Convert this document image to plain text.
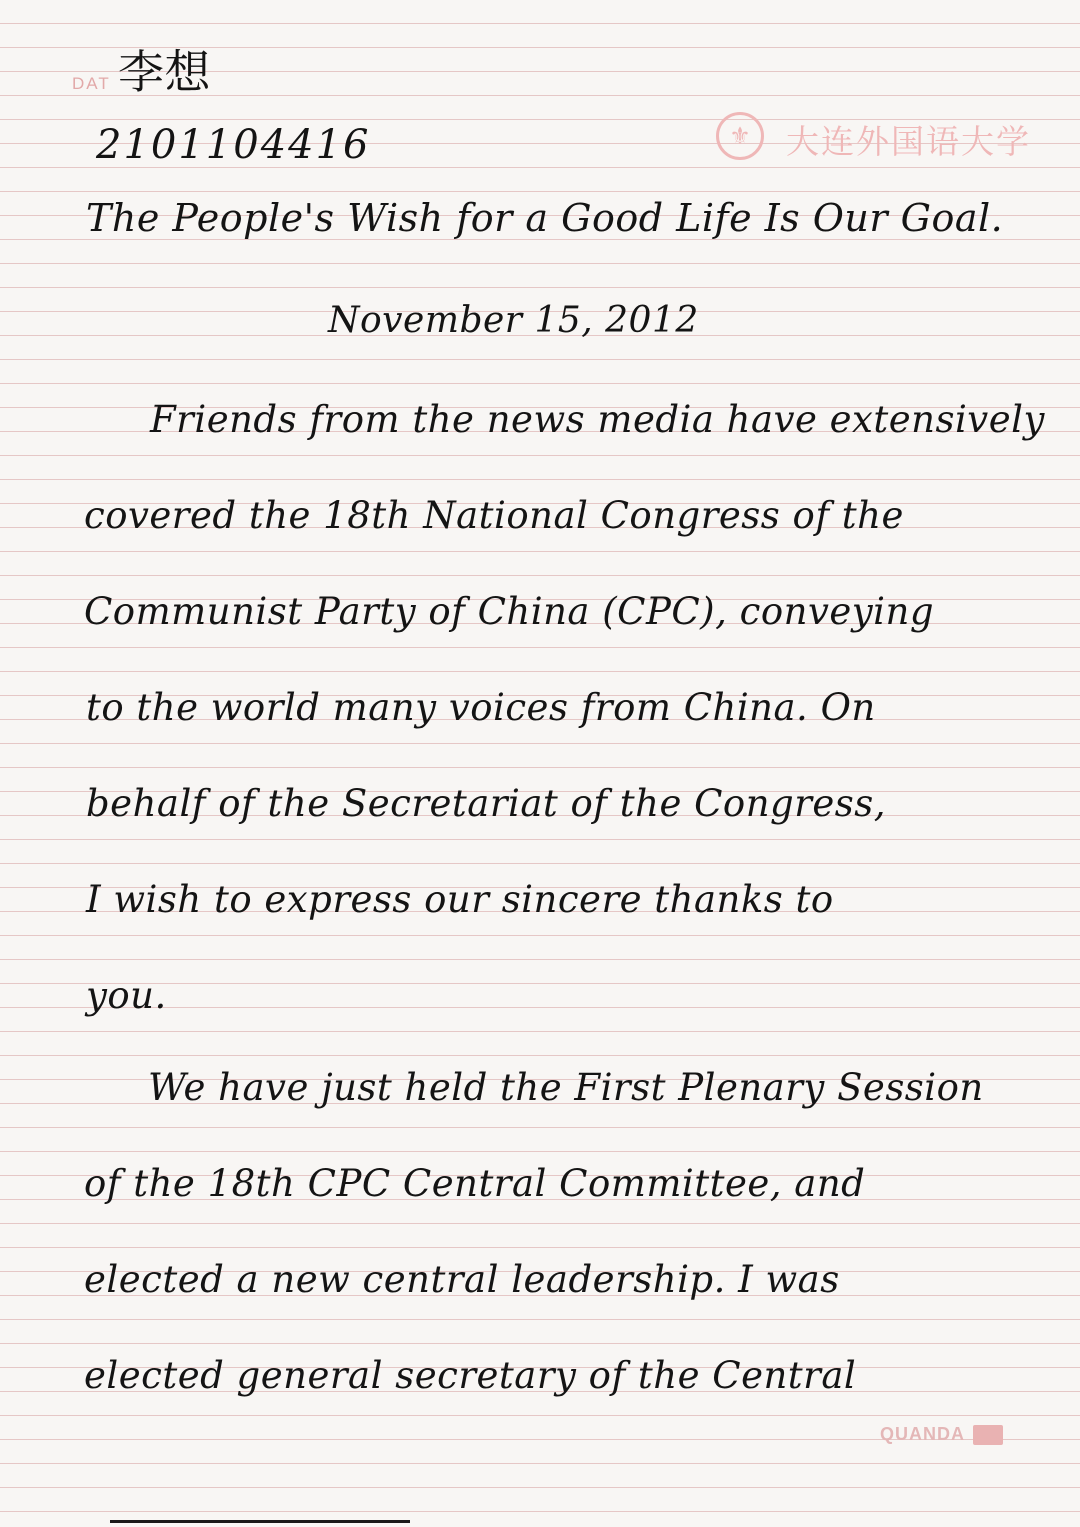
DAT
⚜	大连外国语大学
李想
2101104416
The People's Wish for a Good Life Is Our Goal.
November 15, 2012
Friends from the news media have extensively
covered the 18th National Congress of the
Communist Party of China (CPC), conveying
to the world many voices from China. On
behalf of the Secretariat of the Congress,
I wish to express our sincere thanks to
you.
We have just held the First Plenary Session
of the 18th CPC Central Committee, and
elected a new central leadership. I was
elected general secretary of the Central
QUANDA
